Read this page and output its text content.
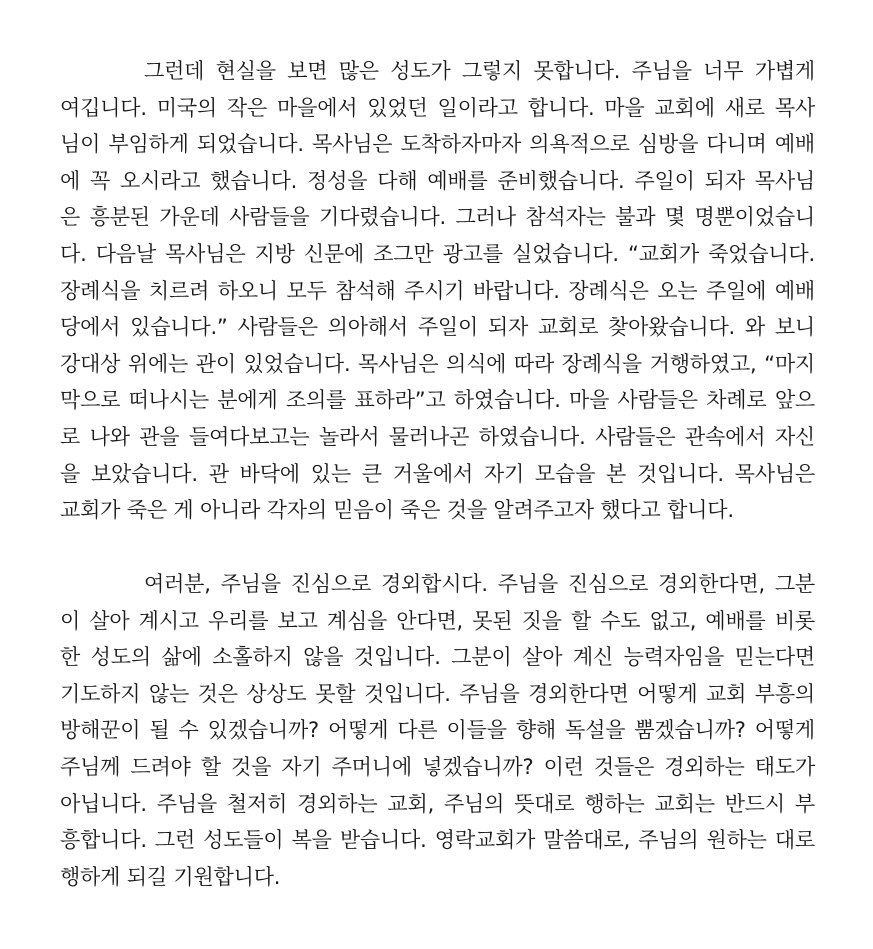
그런데 현실을 보면 많은 성도가 그렇지 못합니다. 주님을 너무 가볍게
여깁니다. 미국의 작은 마을에서 있었던 일이라고 합니다. 마을 교회에 새로 목사
님이 부임하게 되었습니다. 목사님은 도착하자마자 의욕적으로 심방을 다니며 예배
에 꼭 오시라고 했습니다. 정성을 다해 예배를 준비했습니다. 주일이 되자 목사님
은 흥분된 가운데 사람들을 기다렸습니다. 그러나 참석자는 불과 몇 명뿐이었습니
다. 다음날 목사님은 지방 신문에 조그만 광고를 실었습니다. “교회가 죽었습니다.
장례식을 치르려 하오니 모두 참석해 주시기 바랍니다. 장례식은 오는 주일에 예배
당에서 있습니다.” 사람들은 의아해서 주일이 되자 교회로 찾아왔습니다. 와 보니
강대상 위에는 관이 있었습니다. 목사님은 의식에 따라 장례식을 거행하였고, “마지
막으로 떠나시는 분에게 조의를 표하라”고 하였습니다. 마을 사람들은 차례로 앞으
로 나와 관을 들여다보고는 놀라서 물러나곤 하였습니다. 사람들은 관속에서 자신
을 보았습니다. 관 바닥에 있는 큰 거울에서 자기 모습을 본 것입니다. 목사님은
교회가 죽은 게 아니라 각자의 믿음이 죽은 것을 알려주고자 했다고 합니다.
여러분, 주님을 진심으로 경외합시다. 주님을 진심으로 경외한다면, 그분
이 살아 계시고 우리를 보고 계심을 안다면, 못된 짓을 할 수도 없고, 예배를 비롯
한 성도의 삶에 소홀하지 않을 것입니다. 그분이 살아 계신 능력자임을 믿는다면
기도하지 않는 것은 상상도 못할 것입니다. 주님을 경외한다면 어떻게 교회 부흥의
방해꾼이 될 수 있겠습니까? 어떻게 다른 이들을 향해 독설을 뿜겠습니까? 어떻게
주님께 드려야 할 것을 자기 주머니에 넣겠습니까? 이런 것들은 경외하는 태도가
아닙니다. 주님을 철저히 경외하는 교회, 주님의 뜻대로 행하는 교회는 반드시 부
흥합니다. 그런 성도들이 복을 받습니다. 영락교회가 말씀대로, 주님의 원하는 대로
행하게 되길 기원합니다.
